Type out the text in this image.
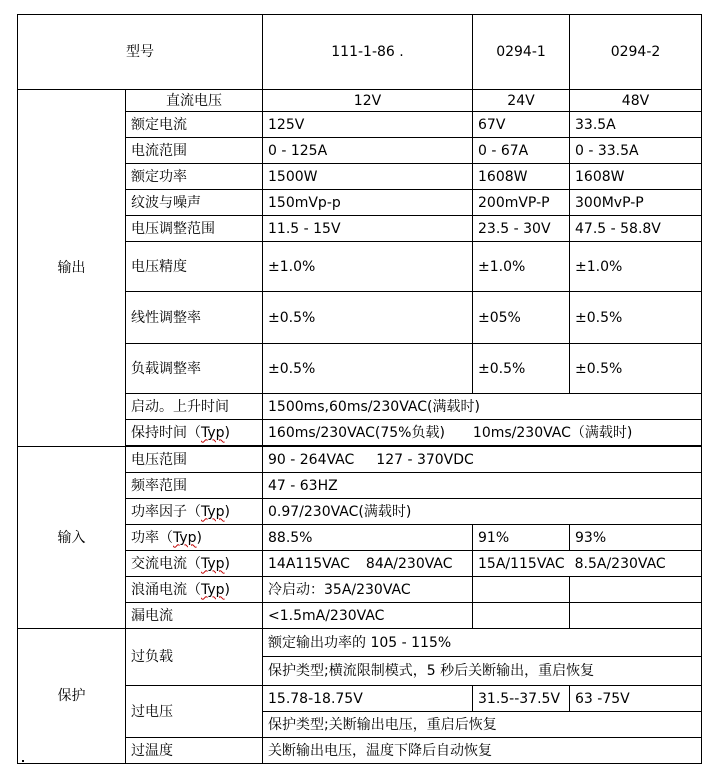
型号		111-1-86 .	0294-1	0294-2
输出	直流电压	12V	24V	48V
	额定电流	125V	67V	33.5A
	电流范围	0 - 125A	0 - 67A	0 - 33.5A
	额定功率	1500W	1608W	1608W
	纹波与噪声	150mVp-p	200mVP-P	300MvP-P
	电压调整范围	11.5 - 15V	23.5 - 30V	47.5 - 58.8V
	电压精度	±1.0%	±1.0%	±1.0%
	线性调整率	±0.5%	±05%	±0.5%
	负载调整率	±0.5%	±0.5%	±0.5%
	启动。上升时间	1500ms,60ms/230VAC(满载时)		
	保持时间（Typ)	160ms/230VAC(75%负载) 10ms/230VAC（满载时)		

输入	电压范围	90 - 264VAC 127 - 370VDC		
	频率范围	47 - 63HZ		
	功率因子（Typ)	0.97/230VAC(满载时)		
	功率（Typ)	88.5%	91%	93%
	交流电流（Typ)	14A115VAC 84A/230VAC	15A/115VAC 8.5A/230VAC	
	浪涌电流（Typ)	冷启动：35A/230VAC		
	漏电流	<1.5mA/230VAC		
保护	过负载	额定输出功率的 105 - 115%		
		保护类型;横流限制模式，5 秒后关断输出，重启恢复		
	过电压	15.78-18.75V	31.5--37.5V	63 -75V
		保护类型;关断输出电压，重启后恢复		
	过温度	关断输出电压，温度下降后自动恢复		
